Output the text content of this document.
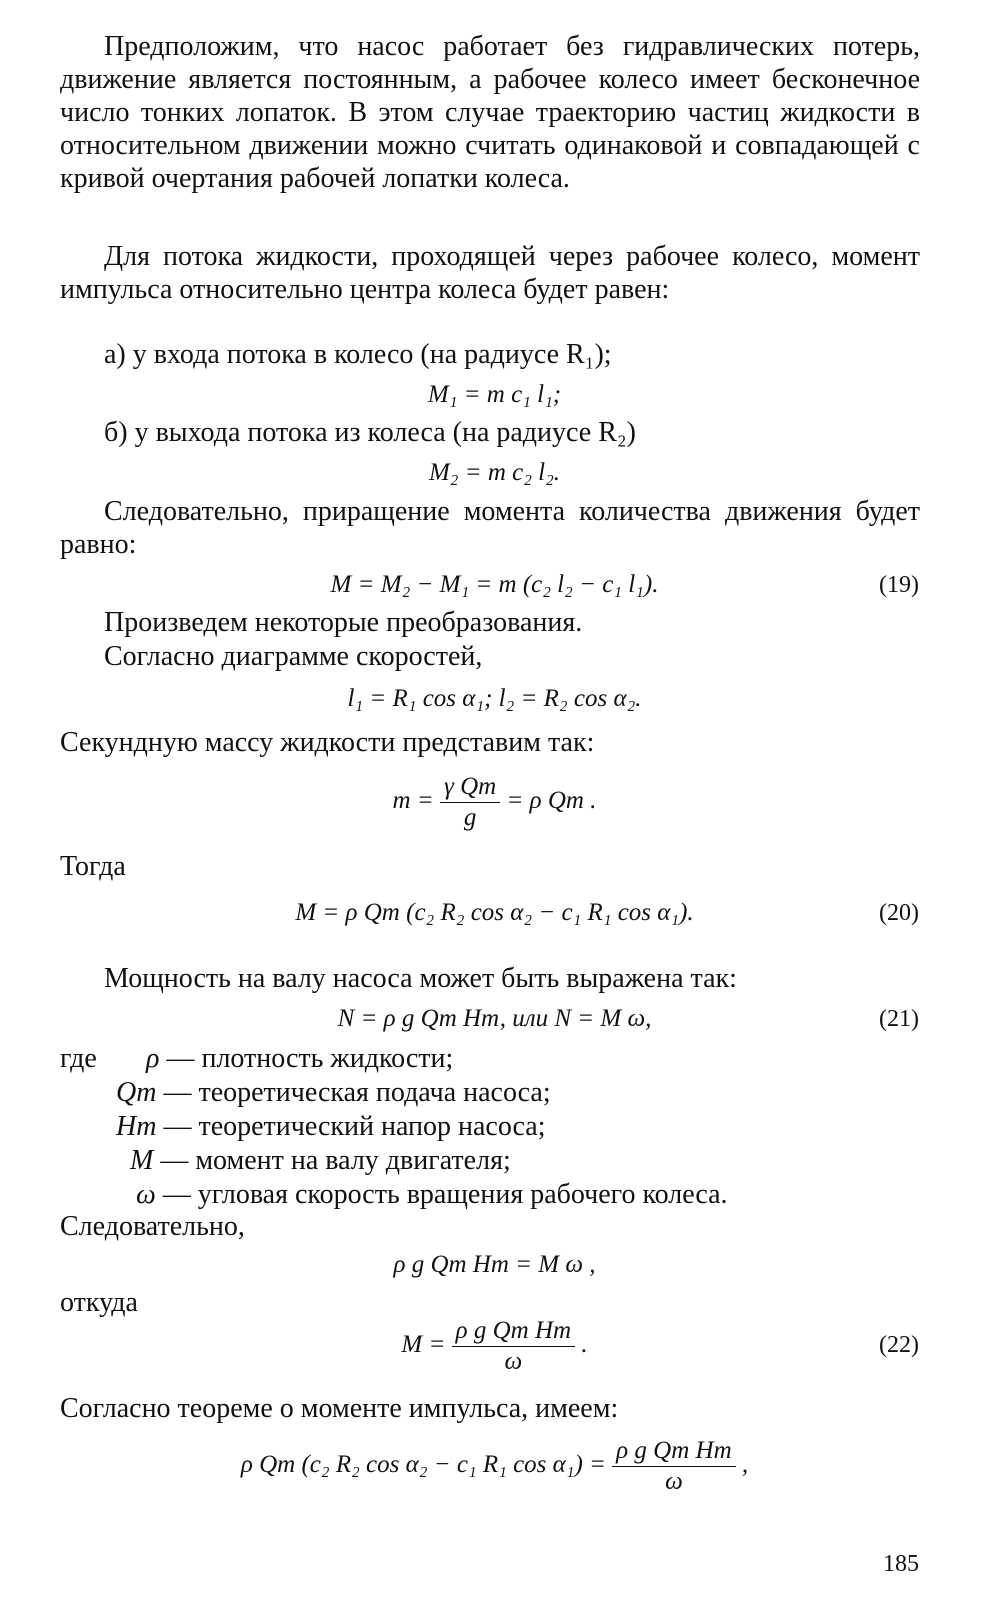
Предположим, что насос работает без гидравлических потерь, движение является постоянным, а рабочее колесо имеет бесконечное число тонких лопаток. В этом случае траекторию частиц жидкости в относительном движении можно считать одинаковой и совпадающей с кривой очертания рабочей лопатки колеса.

Для потока жидкости, проходящей через рабочее колесо, момент импульса относительно центра колеса будет равен:

а) у входа потока в колесо (на радиусе R₁);

M₁ = m c₁ l₁;

б) у выхода потока из колеса (на радиусе R₂)

M₂ = m c₂ l₂.

Следовательно, приращение момента количества движения будет равно:

M = M₂ − M₁ = m (c₂ l₂ − c₁ l₁).	(19)

Произведем некоторые преобразования.

Согласно диаграмме скоростей,

l₁ = R₁ cos α₁; l₂ = R₂ cos α₂.

Секундную массу жидкости представим так:

$m = \frac{\text{γ Qт}}{g} = \rho$ Qт .

Тогда

M = ρ Qт (c₂ R₂ cos α₂ − c₁ R₁ cos α₁).	(20)

Мощность на валу насоса может быть выражена так:

N = ρ g Qт Hт, или N = M ω,	(21)

где ρ — плотность жидкости;

Qт — теоретическая подача насоса;

Hт — теоретический напор насоса;

M — момент на валу двигателя;

ω — угловая скорость вращения рабочего колеса.

Следовательно,

ρ g Qт Hт = M ω ,

откуда

$M = \frac{\text{ρ g Qт Hт}}{\omega}$ .	(22)

Согласно теореме о моменте импульса, имеем:

ρ Qт (c₂ R₂ cos α₂ − c₁ R₁ $\cos \alpha_1) = \frac{\text{ρ g Qт Hт}}{\omega}$ ,
185
